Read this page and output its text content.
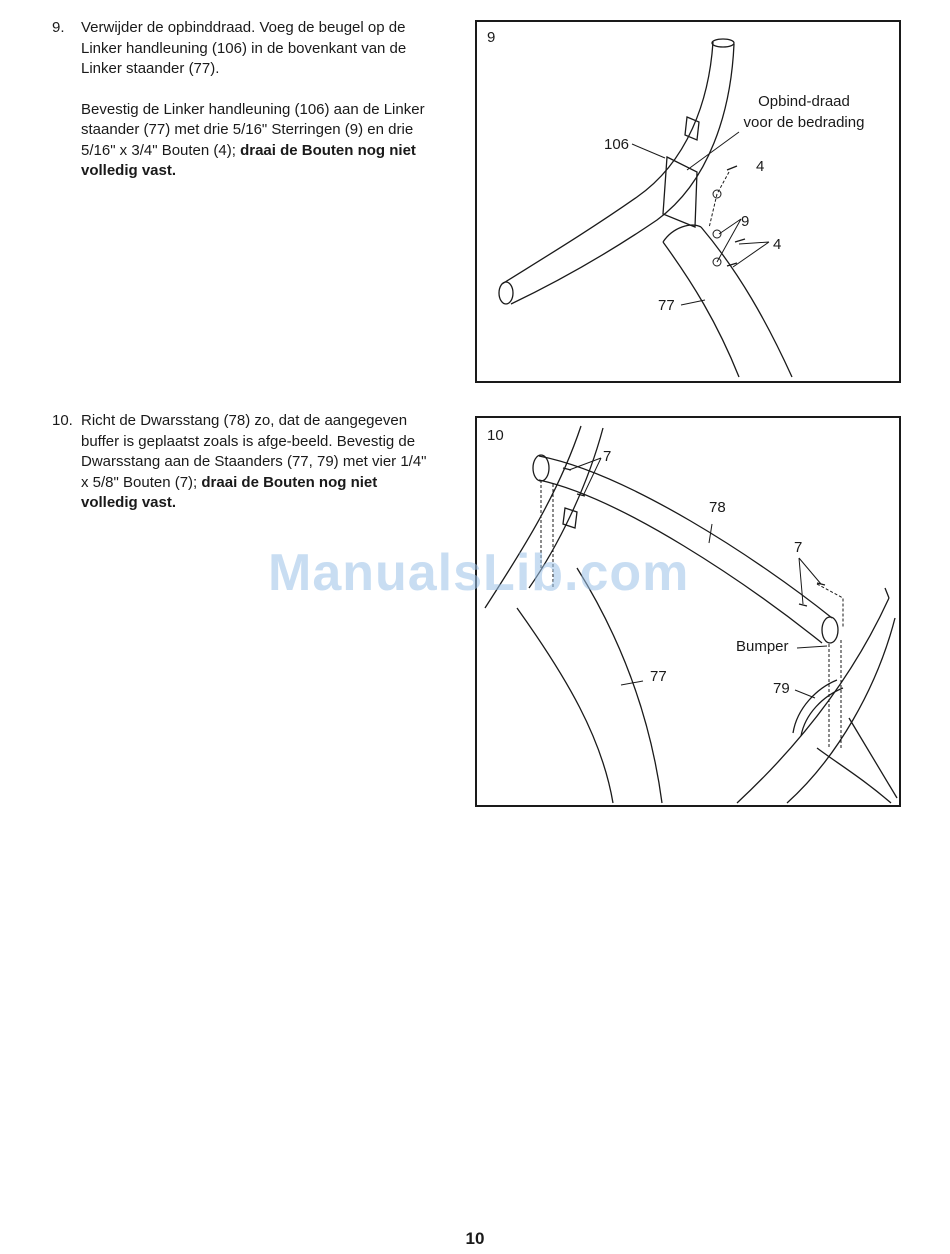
9. Verwijder de opbinddraad. Voeg de beugel op de Linker handleuning (106) in de bovenkant van de Linker staander (77).

Bevestig de Linker handleuning (106) aan de Linker staander (77) met drie 5/16" Sterringen (9) en drie 5/16" x 3/4" Bouten (4); draai de Bouten nog niet volledig vast.

9
106
Opbind-draad
voor de bedrading
4
9
4
77
10. Richt de Dwarsstang (78) zo, dat de aangegeven buffer is geplaatst zoals is afge-beeld. Bevestig de Dwarsstang aan de Staanders (77, 79) met vier 1/4" x 5/8" Bouten (7); draai de Bouten nog niet volledig vast.

10
7
78
7
Bumper
77
79
ManualsLib.com
10
